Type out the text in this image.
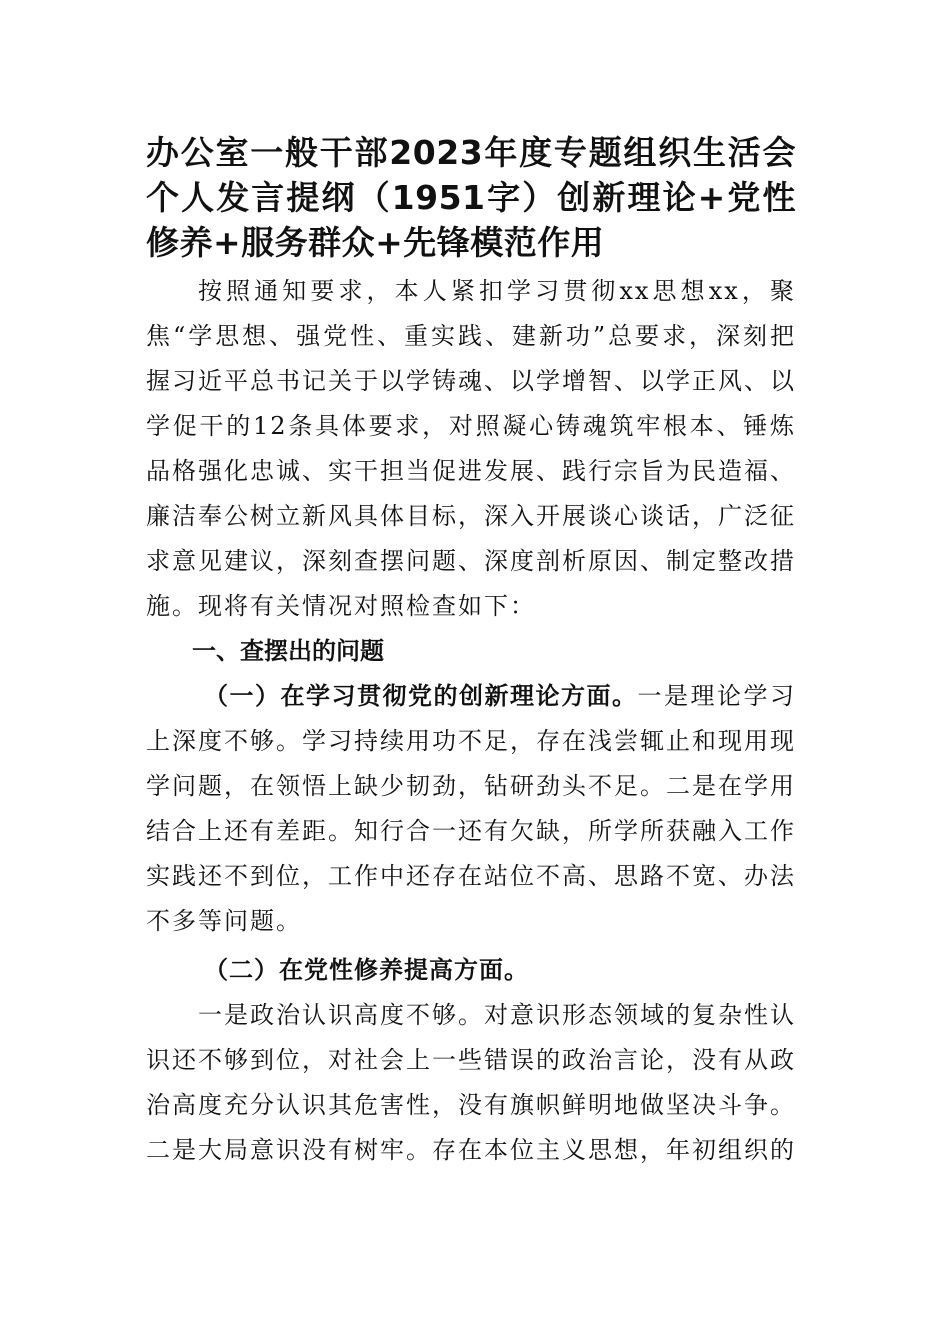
办公室一般干部2023年度专题组织生活会个人发言提纲（1951字）创新理论+党性修养+服务群众+先锋模范作用

按照通知要求，本人紧扣学习贯彻xx思想xx，聚焦“学思想、强党性、重实践、建新功”总要求，深刻把握习近平总书记关于以学铸魂、以学增智、以学正风、以学促干的12条具体要求，对照凝心铸魂筑牢根本、锤炼品格强化忠诚、实干担当促进发展、践行宗旨为民造福、廉洁奉公树立新风具体目标，深入开展谈心谈话，广泛征求意见建议，深刻查摆问题、深度剖析原因、制定整改措施。现将有关情况对照检查如下：

一、查摆出的问题

（一）在学习贯彻党的创新理论方面。一是理论学习上深度不够。学习持续用功不足，存在浅尝辄止和现用现学问题，在领悟上缺少韧劲，钻研劲头不足。二是在学用结合上还有差距。知行合一还有欠缺，所学所获融入工作实践还不到位，工作中还存在站位不高、思路不宽、办法不多等问题。

（二）在党性修养提高方面。

一是政治认识高度不够。对意识形态领域的复杂性认识还不够到位，对社会上一些错误的政治言论，没有从政治高度充分认识其危害性，没有旗帜鲜明地做坚决斗争。二是大局意识没有树牢。存在本位主义思想，年初组织的
